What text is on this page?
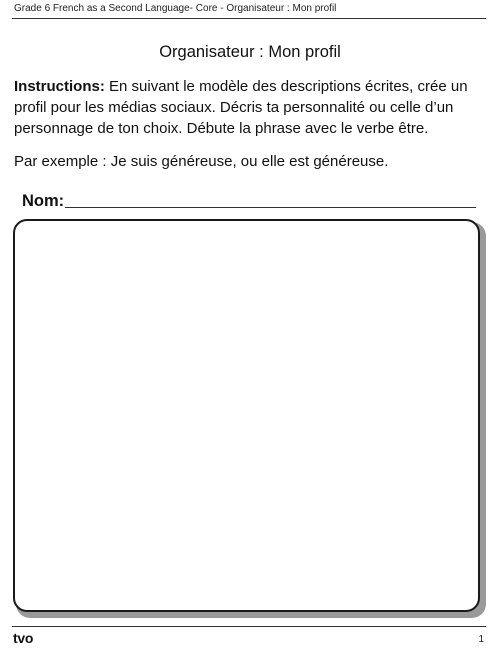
Grade 6 French as a Second Language- Core - Organisateur : Mon profil
Organisateur : Mon profil
Instructions: En suivant le modèle des descriptions écrites, crée un profil pour les médias sociaux. Décris ta personnalité ou celle d’un personnage de ton choix. Débute la phrase avec le verbe être.
Par exemple : Je suis généreuse, ou elle est généreuse.
Nom:
tvo	1
